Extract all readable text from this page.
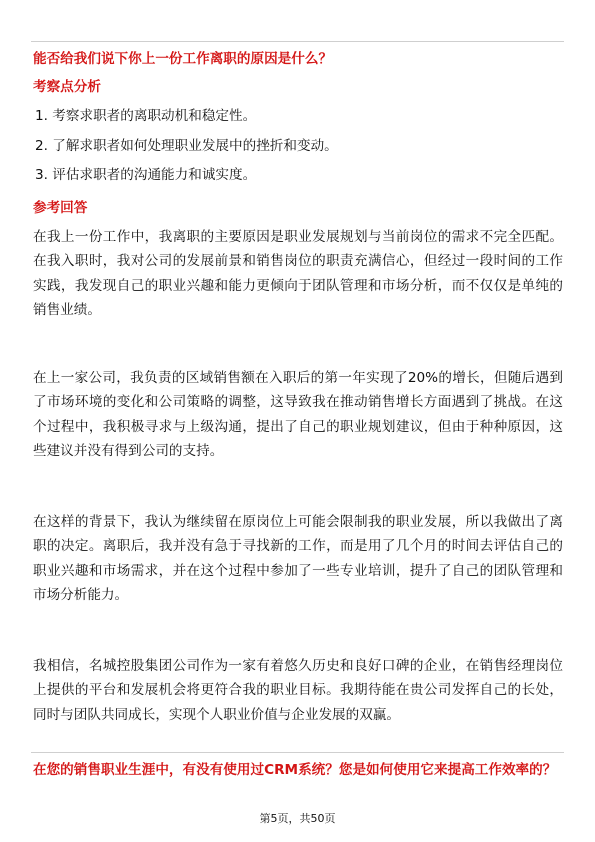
能否给我们说下你上一份工作离职的原因是什么？

考察点分析

1. 考察求职者的离职动机和稳定性。

2. 了解求职者如何处理职业发展中的挫折和变动。

3. 评估求职者的沟通能力和诚实度。

参考回答

在我上一份工作中，我离职的主要原因是职业发展规划与当前岗位的需求不完全匹配。在我入职时，我对公司的发展前景和销售岗位的职责充满信心，但经过一段时间的工作实践，我发现自己的职业兴趣和能力更倾向于团队管理和市场分析，而不仅仅是单纯的销售业绩。

在上一家公司，我负责的区域销售额在入职后的第一年实现了20%的增长，但随后遇到了市场环境的变化和公司策略的调整，这导致我在推动销售增长方面遇到了挑战。在这个过程中，我积极寻求与上级沟通，提出了自己的职业规划建议，但由于种种原因，这些建议并没有得到公司的支持。

在这样的背景下，我认为继续留在原岗位上可能会限制我的职业发展，所以我做出了离职的决定。离职后，我并没有急于寻找新的工作，而是用了几个月的时间去评估自己的职业兴趣和市场需求，并在这个过程中参加了一些专业培训，提升了自己的团队管理和市场分析能力。

我相信，名城控股集团公司作为一家有着悠久历史和良好口碑的企业，在销售经理岗位上提供的平台和发展机会将更符合我的职业目标。我期待能在贵公司发挥自己的长处，同时与团队共同成长，实现个人职业价值与企业发展的双赢。

在您的销售职业生涯中，有没有使用过CRM系统？您是如何使用它来提高工作效率的？

第5页，共50页
